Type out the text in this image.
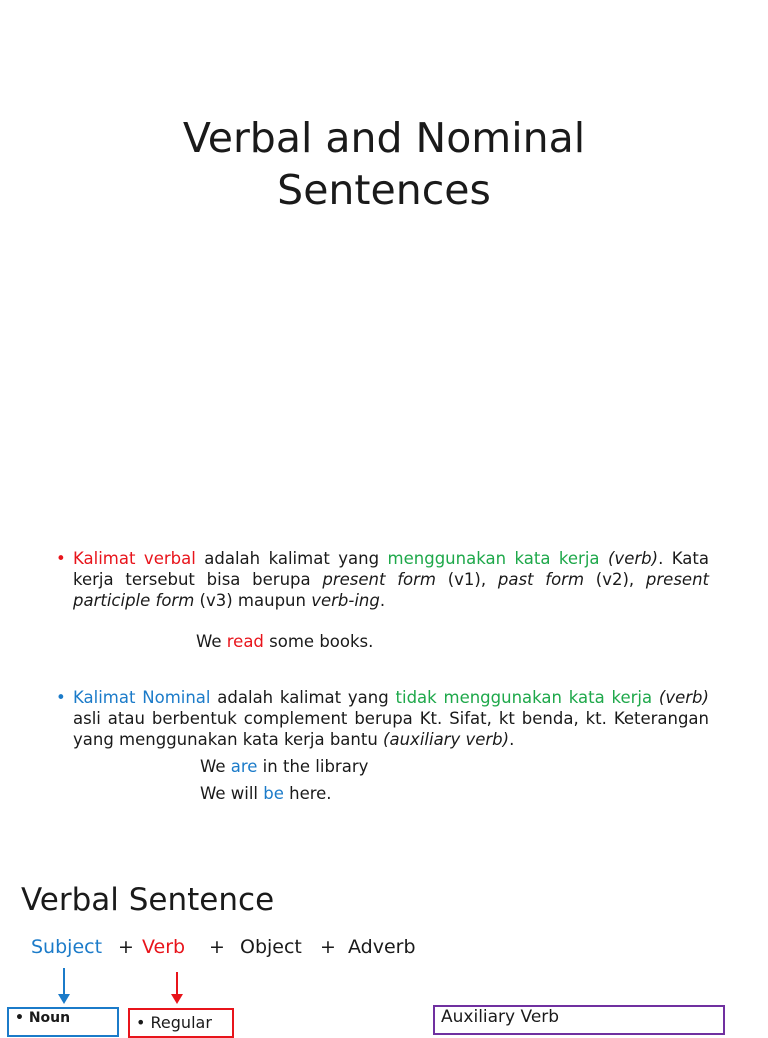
Verbal and Nominal
Sentences
• Kalimat verbal adalah kalimat yang menggunakan kata kerja (verb). Kata kerja tersebut bisa berupa present form (v1), past form (v2), present participle form (v3) maupun verb-ing.
We read some books.
• Kalimat Nominal adalah kalimat yang tidak menggunakan kata kerja (verb) asli atau berbentuk complement berupa Kt. Sifat, kt benda, kt. Keterangan yang menggunakan kata kerja bantu (auxiliary verb).
We are in the library
We will be here.
Verbal Sentence
Subject + Verb + Object + Adverb
• Noun	• Regular	Auxiliary Verb
